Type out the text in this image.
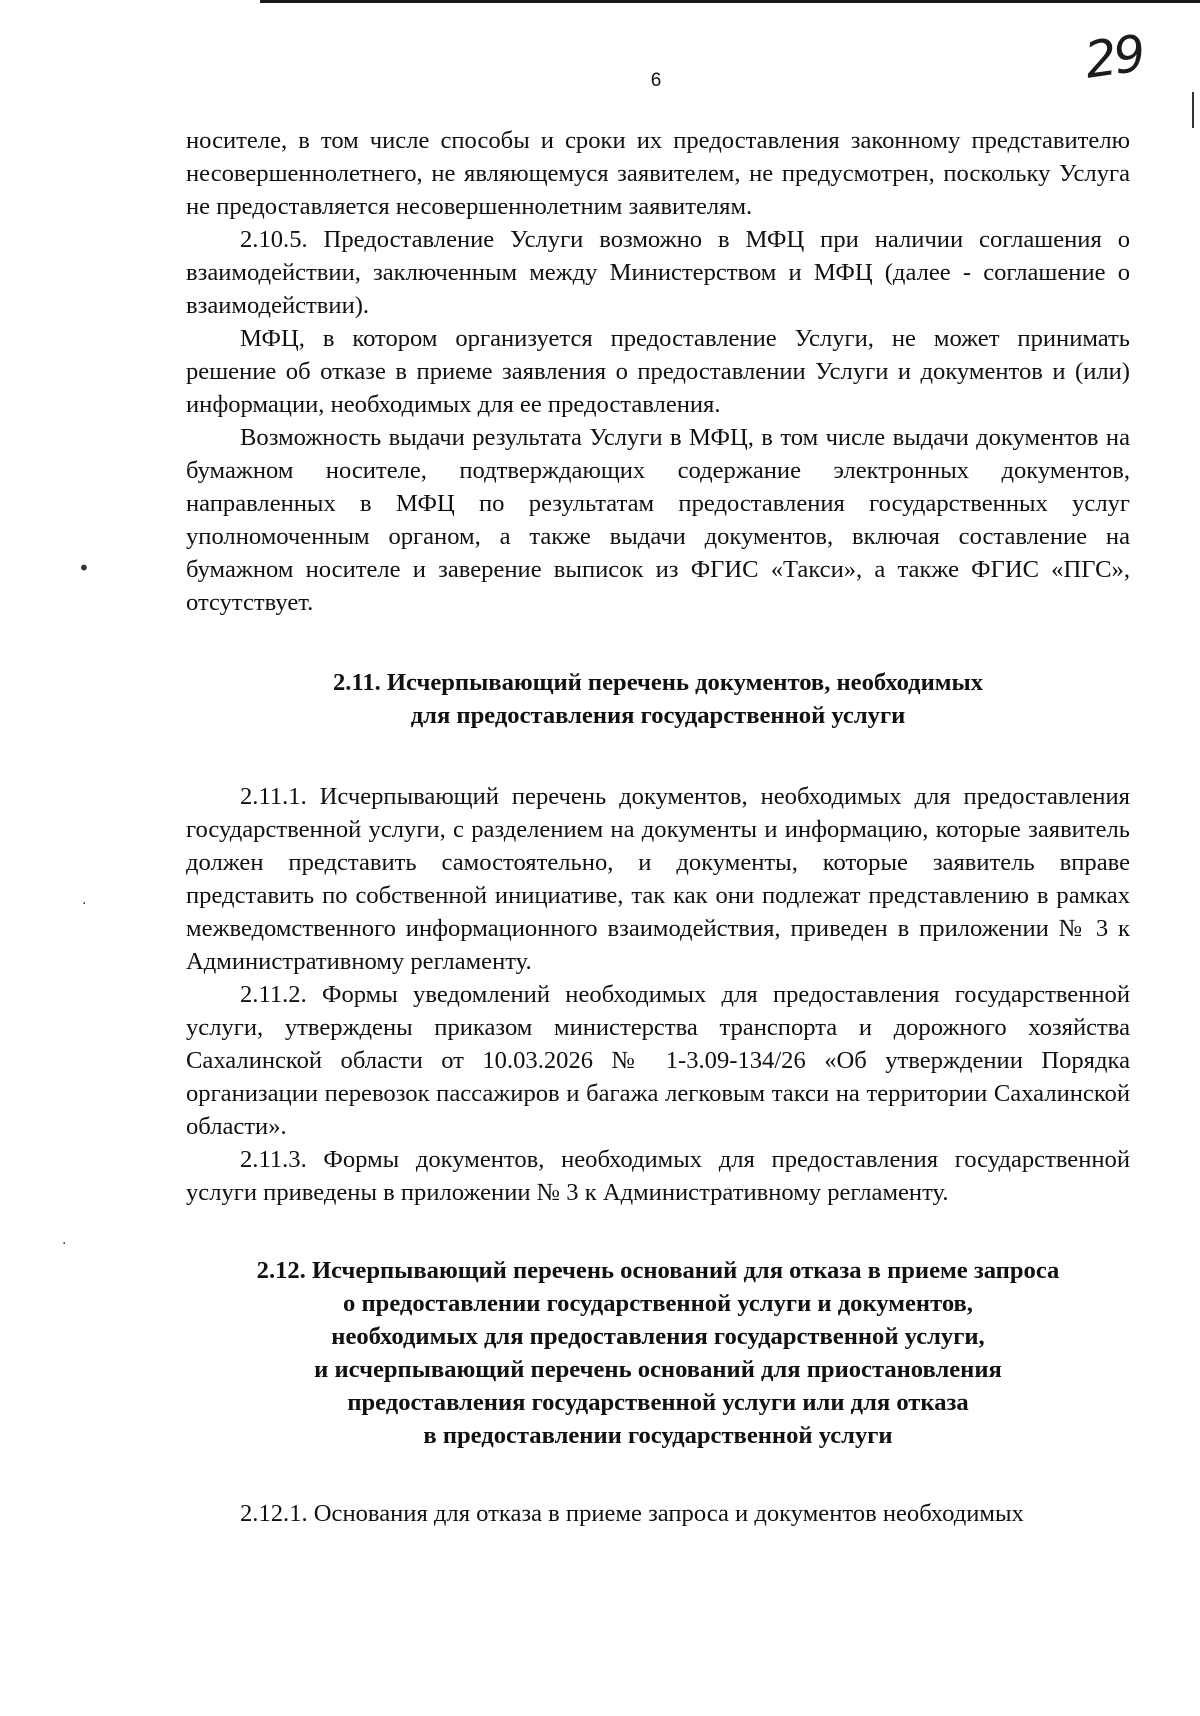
6	29
•
·
·

носителе, в том числе способы и сроки их предоставления законному представителю несовершеннолетнего, не являющемуся заявителем, не предусмотрен, поскольку Услуга не предоставляется несовершеннолетним заявителям.

2.10.5. Предоставление Услуги возможно в МФЦ при наличии соглашения о взаимодействии, заключенным между Министерством и МФЦ (далее - соглашение о взаимодействии).

МФЦ, в котором организуется предоставление Услуги, не может принимать решение об отказе в приеме заявления о предоставлении Услуги и документов и (или) информации, необходимых для ее предоставления.

Возможность выдачи результата Услуги в МФЦ, в том числе выдачи документов на бумажном носителе, подтверждающих содержание электронных документов, направленных в МФЦ по результатам предоставления государственных услуг уполномоченным органом, а также выдачи документов, включая составление на бумажном носителе и заверение выписок из ФГИС «Такси», а также ФГИС «ПГС», отсутствует.

2.11. Исчерпывающий перечень документов, необходимых
для предоставления государственной услуги

2.11.1. Исчерпывающий перечень документов, необходимых для предоставления государственной услуги, с разделением на документы и информацию, которые заявитель должен представить самостоятельно, и документы, которые заявитель вправе представить по собственной инициативе, так как они подлежат представлению в рамках межведомственного информационного взаимодействия, приведен в приложении № 3 к Административному регламенту.

2.11.2. Формы уведомлений необходимых для предоставления государственной услуги, утверждены приказом министерства транспорта и дорожного хозяйства Сахалинской области от 10.03.2026 № 1-3.09-134/26 «Об утверждении Порядка организации перевозок пассажиров и багажа легковым такси на территории Сахалинской области».

2.11.3. Формы документов, необходимых для предоставления государственной услуги приведены в приложении № 3 к Административному регламенту.

2.12. Исчерпывающий перечень оснований для отказа в приеме запроса
о предоставлении государственной услуги и документов,
необходимых для предоставления государственной услуги,
и исчерпывающий перечень оснований для приостановления
предоставления государственной услуги или для отказа
в предоставлении государственной услуги

2.12.1. Основания для отказа в приеме запроса и документов необходимых
